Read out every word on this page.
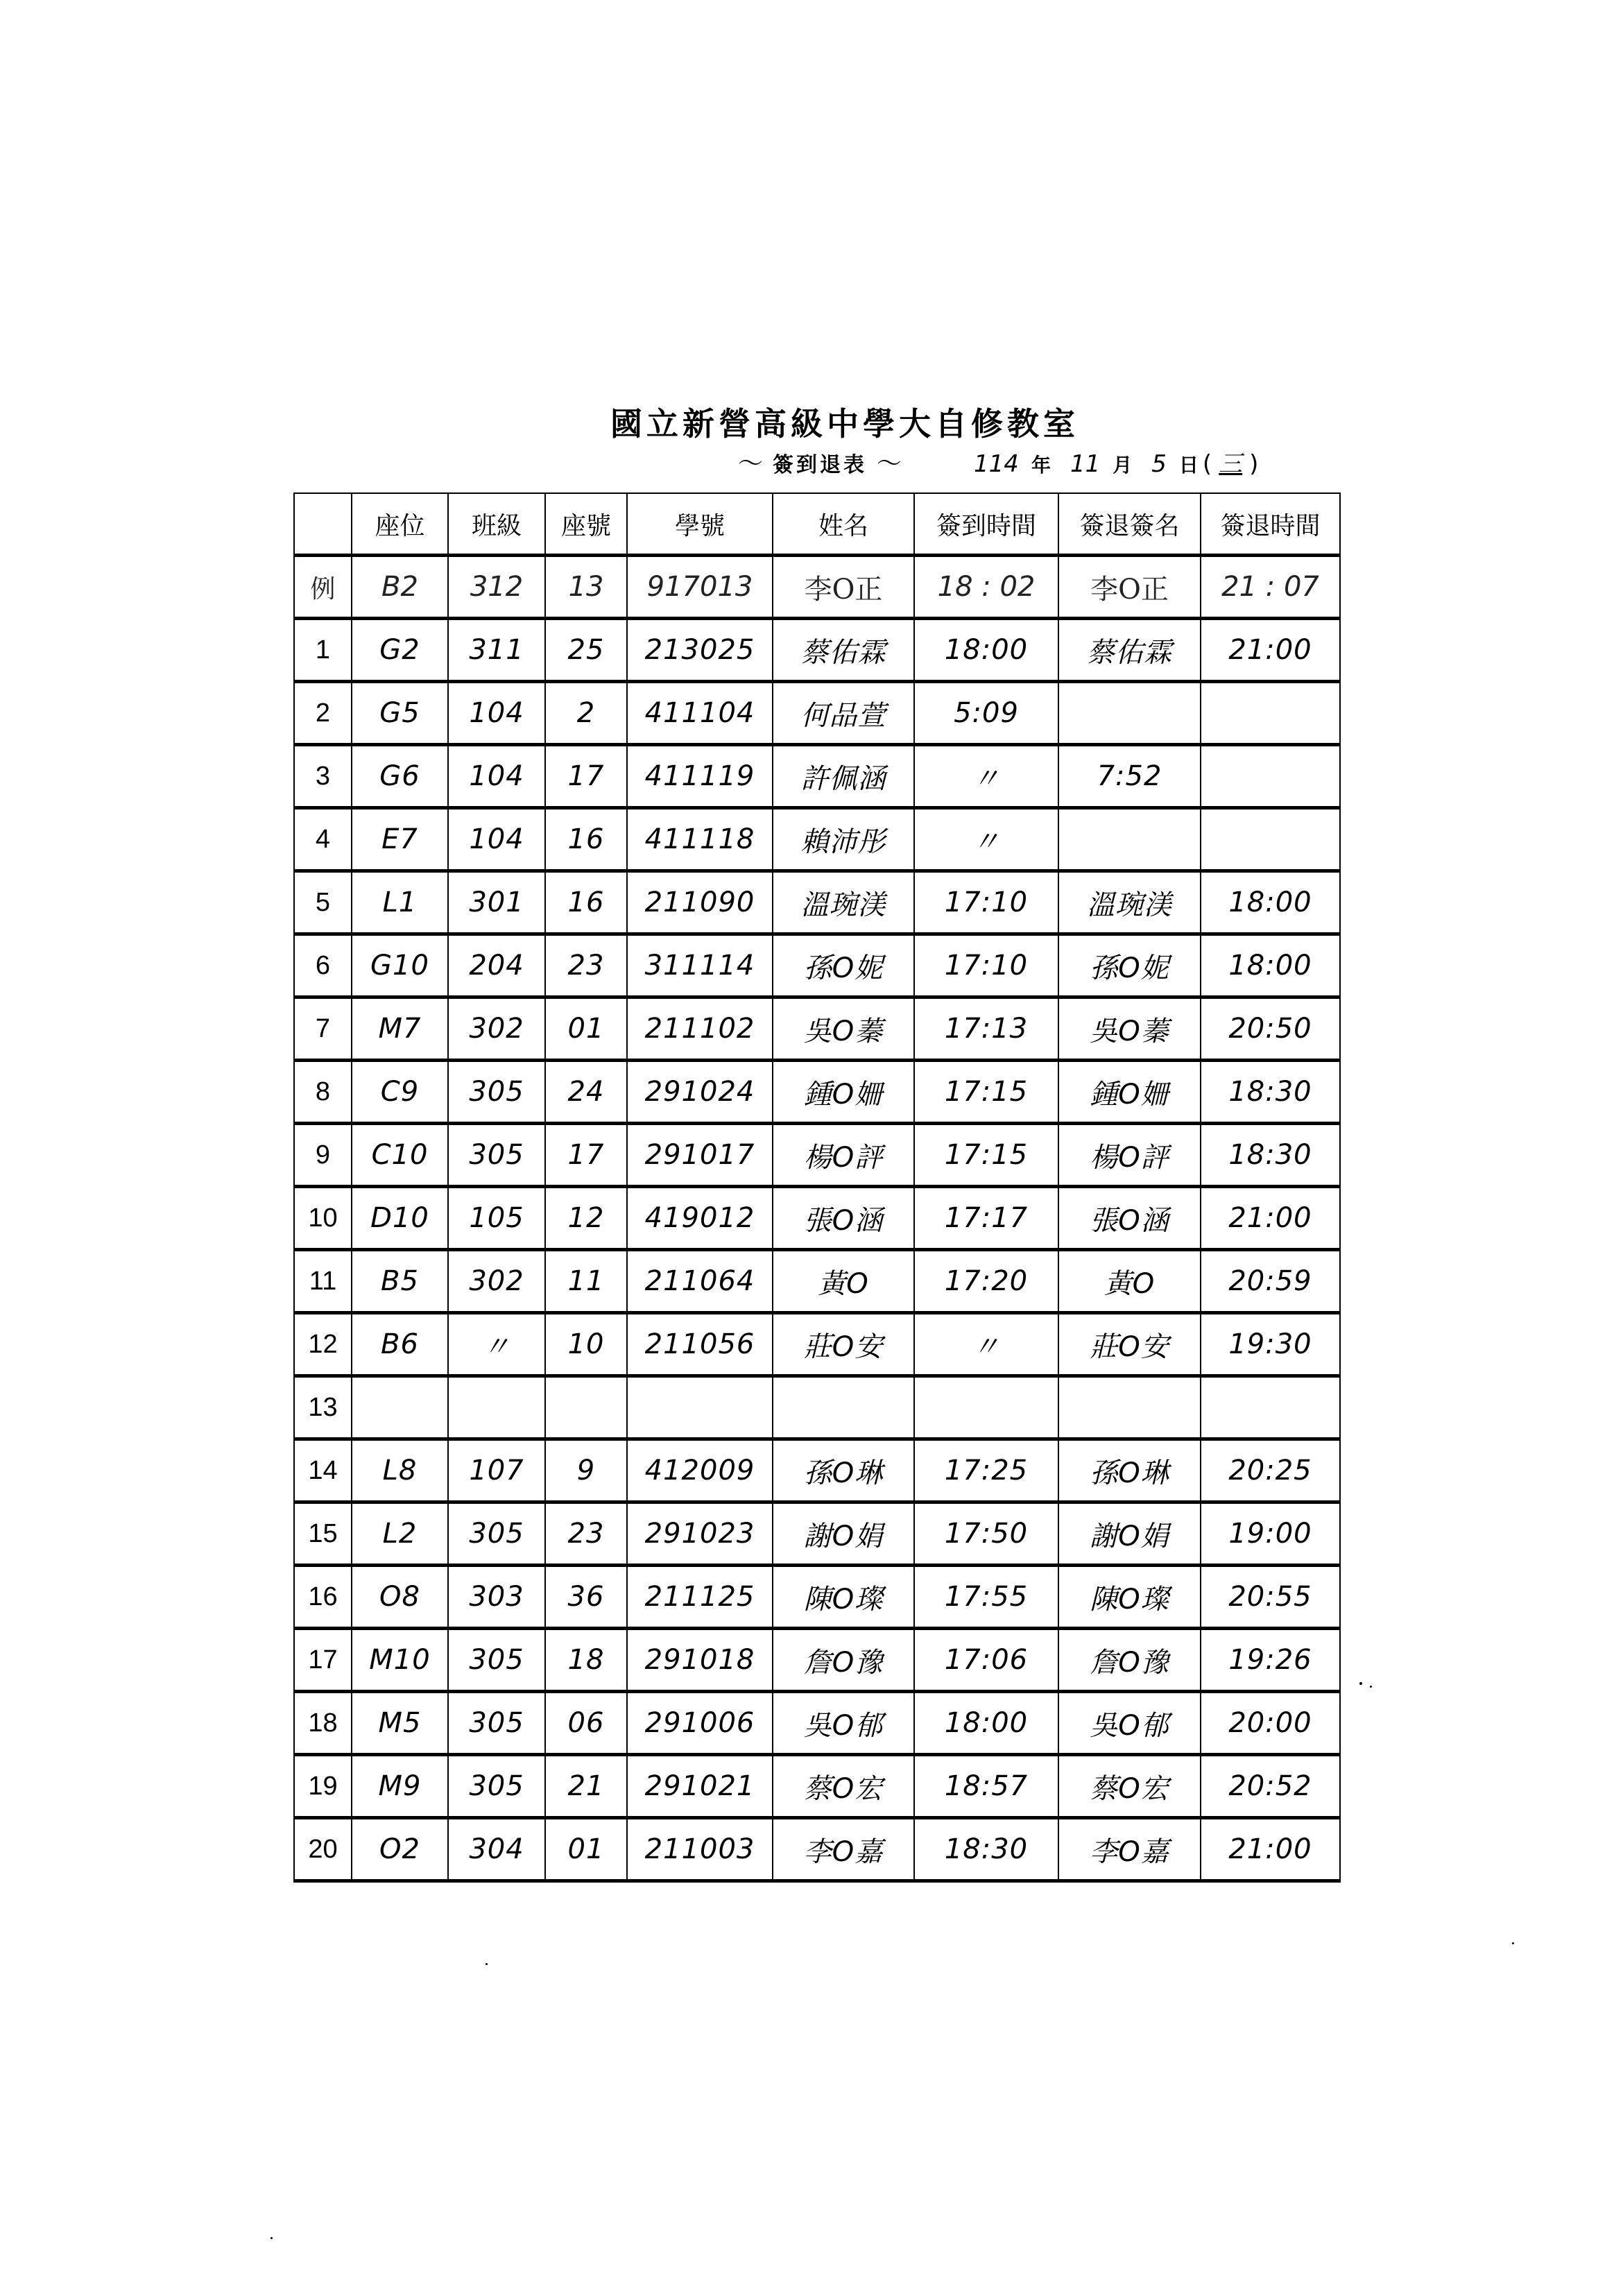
國立新營高級中學大自修教室
～ 簽到退表 ～	114 年 11 月 5 日 ( 三 )
	座位	班級	座號	學號	姓名	簽到時間	簽退簽名	簽退時間
例	B2	312	13	917013	李O正	18 : 02	李O正	21 : 07
1	G2	311	25	213025	蔡佑霖	18:00	蔡佑霖	21:00
2	G5	104	2	411104	何品萱	5:09		
3	G6	104	17	411119	許佩涵	〃	7:52	
4	E7	104	16	411118	賴沛彤	〃		
5	L1	301	16	211090	溫琬渼	17:10	溫琬渼	18:00
6	G10	204	23	311114	孫O妮	17:10	孫O妮	18:00
7	M7	302	01	211102	吳O蓁	17:13	吳O蓁	20:50
8	C9	305	24	291024	鍾O姍	17:15	鍾O姍	18:30
9	C10	305	17	291017	楊O評	17:15	楊O評	18:30
10	D10	105	12	419012	張O涵	17:17	張O涵	21:00
11	B5	302	11	211064	黃O	17:20	黃O	20:59
12	B6	〃	10	211056	莊O安	〃	莊O安	19:30
13								
14	L8	107	9	412009	孫O琳	17:25	孫O琳	20:25
15	L2	305	23	291023	謝O娟	17:50	謝O娟	19:00
16	O8	303	36	211125	陳O璨	17:55	陳O璨	20:55
17	M10	305	18	291018	詹O豫	17:06	詹O豫	19:26
18	M5	305	06	291006	吳O郁	18:00	吳O郁	20:00
19	M9	305	21	291021	蔡O宏	18:57	蔡O宏	20:52
20	O2	304	01	211003	李O嘉	18:30	李O嘉	21:00
